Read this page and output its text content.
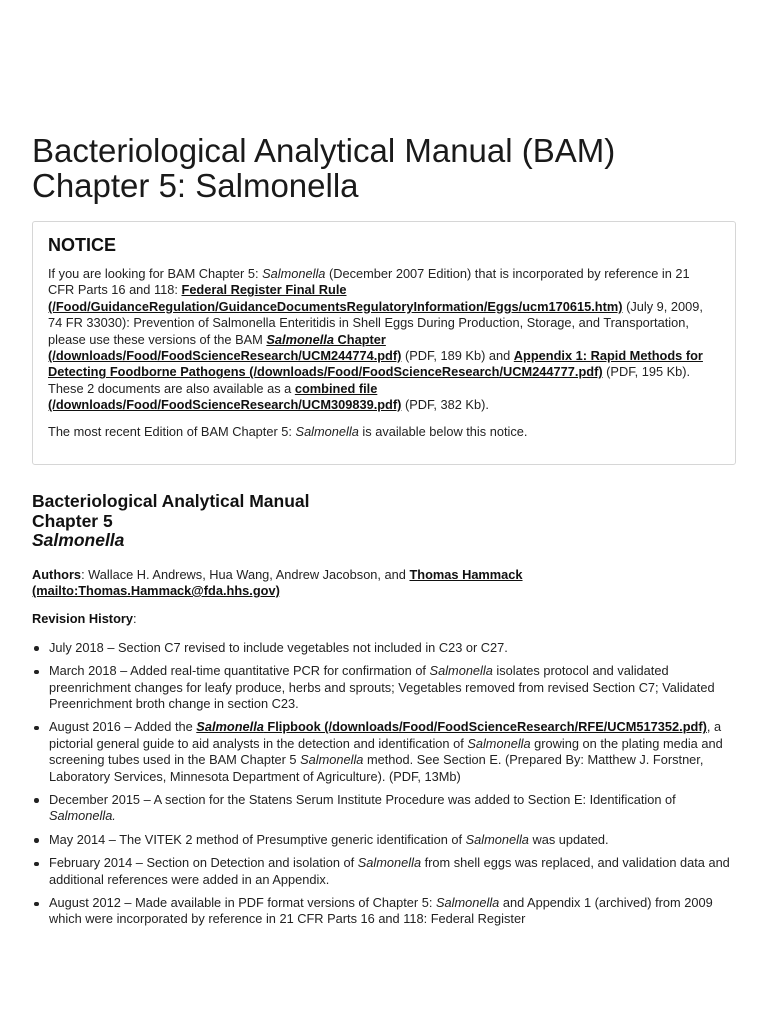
Bacteriological Analytical Manual (BAM)
Chapter 5: Salmonella
NOTICE

If you are looking for BAM Chapter 5: Salmonella (December 2007 Edition) that is incorporated by reference in 21 CFR Parts 16 and 118: Federal Register Final Rule (/Food/GuidanceRegulation/GuidanceDocumentsRegulatoryInformation/Eggs/ucm170615.htm) (July 9, 2009, 74 FR 33030): Prevention of Salmonella Enteritidis in Shell Eggs During Production, Storage, and Transportation, please use these versions of the BAM Salmonella Chapter (/downloads/Food/FoodScienceResearch/UCM244774.pdf) (PDF, 189 Kb) and Appendix 1: Rapid Methods for Detecting Foodborne Pathogens (/downloads/Food/FoodScienceResearch/UCM244777.pdf) (PDF, 195 Kb). These 2 documents are also available as a combined file (/downloads/Food/FoodScienceResearch/UCM309839.pdf) (PDF, 382 Kb).

The most recent Edition of BAM Chapter 5: Salmonella is available below this notice.

Bacteriological Analytical Manual
Chapter 5
Salmonella

Authors: Wallace H. Andrews, Hua Wang, Andrew Jacobson, and Thomas Hammack (mailto:Thomas.Hammack@fda.hhs.gov)

Revision History:

July 2018 – Section C7 revised to include vegetables not included in C23 or C27.
March 2018 – Added real-time quantitative PCR for confirmation of Salmonella isolates protocol and validated preenrichment changes for leafy produce, herbs and sprouts; Vegetables removed from revised Section C7; Validated Preenrichment broth change in section C23.
August 2016 – Added the Salmonella Flipbook (/downloads/Food/FoodScienceResearch/RFE/UCM517352.pdf), a pictorial general guide to aid analysts in the detection and identification of Salmonella growing on the plating media and screening tubes used in the BAM Chapter 5 Salmonella method. See Section E. (Prepared By: Matthew J. Forstner, Laboratory Services, Minnesota Department of Agriculture). (PDF, 13Mb)
December 2015 – A section for the Statens Serum Institute Procedure was added to Section E: Identification of Salmonella.
May 2014 – The VITEK 2 method of Presumptive generic identification of Salmonella was updated.
February 2014 – Section on Detection and isolation of Salmonella from shell eggs was replaced, and validation data and additional references were added in an Appendix.
August 2012 – Made available in PDF format versions of Chapter 5: Salmonella and Appendix 1 (archived) from 2009 which were incorporated by reference in 21 CFR Parts 16 and 118: Federal Register
